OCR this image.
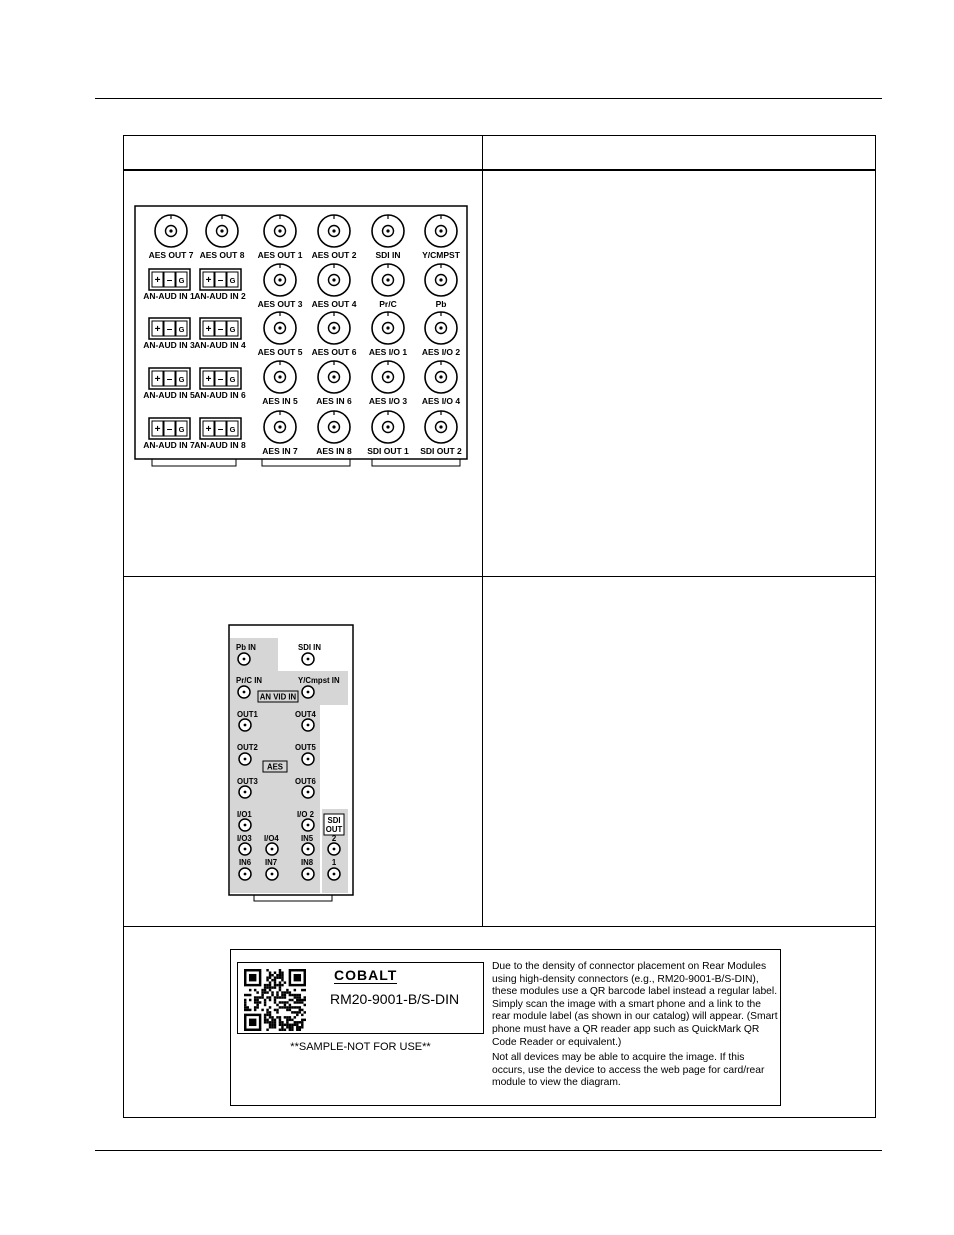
AES OUT 7 AES OUT 8 AES OUT 1 AES OUT 2 SDI IN	Y/CMPST
AES OUT 3 AES OUT 4	Pr/C	Pb
AES OUT 5 AES OUT 6 AES I/O 1 AES I/O 2
AES IN 5 AES IN 6 AES I/O 3 AES I/O 4
AES IN 7 AES IN 8 SDI OUT 1 SDI OUT 2
+ – G
AN-AUD IN 1
+ – G
AN-AUD IN 2
+ – G
AN-AUD IN 3
+ – G
AN-AUD IN 4
+ – G
AN-AUD IN 5
+ – G
AN-AUD IN 6
+ – G
AN-AUD IN 7
+ – G
AN-AUD IN 8
Pb IN	SDI IN
Pr/C IN	Y/Cmpst IN
AN VID IN
OUT1	OUT4
OUT2	OUT5
AES
OUT3	OUT6
I/O1	I/O 2
SDI
OUT
I/O3 I/O4	IN5 2
IN6 IN7	IN8 1
COBALT
RM20-9001-B/S-DIN
**SAMPLE-NOT FOR USE**

Due to the density of connector placement on Rear Modules using high-density connectors (e.g., RM20-9001-B/S-DIN), these modules use a QR barcode label instead a regular label. Simply scan the image with a smart phone and a link to the rear module label (as shown in our catalog) will appear. (Smart phone must have a QR reader app such as QuickMark QR Code Reader or equivalent.)

Not all devices may be able to acquire the image. If this occurs, use the device to access the web page for card/rear module to view the diagram.
